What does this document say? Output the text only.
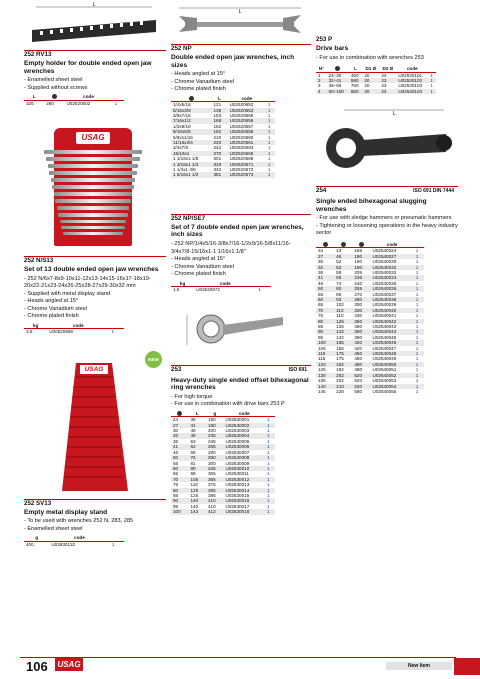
L

252 RV13

Empty holder for double ended open jaw wrenches

- Enamelled sheet steel
- Supplied without screws
L		code	
325	260	U02520502	1
USAG

252 N/S13

Set of 13 double ended open jaw wrenches

- 252 N/6x7-8x9-10x11-12x13-14x15-16x17-18x19-
20x22-21x23-24x26-25x28-27x29-30x32 mm
- Supplied with metal display stand
- Heads angled at 15°
- Chrome Vanadium steel
- Chrome plated finish
kg	code	
3,6	U00520869	1
USAG
NEW

252 SV13

Empty metal display stand

- To be used with wrenches 252 N, 283, 285
- Enamelled sheet steel
g	code	
400	U02830132	1
L

252 NP

Double ended open jaw wrenches, inch sizes

- Heads angled at 15°
- Chrome Vanadium steel
- Chrome plated finish
	L	code	
1/4x5/16	121	U02520652	1
5/16x3/8	138	U02520653	1
3/8x7/16	153	U02520655	1
7/16x1/2	168	U02520656	1
1/2x9/16	182	U02520657	1
9/16x5/8	182	U02520658	1
5/8x11/16	210	U02520660	1
11/16x3/4	220	U02520661	1
3/4x7/8	242	U02520663	1
15/16x1	270	U02520665	1
1 1/16x1 1/8	301	U02520668	1
1 3/16x1 1/4	318	U02520671	1
1 1/4x1 3/8	342	U02520672	1
1 5/16x1 1/2	381	U02520673	1

252 NP/SE7

Set of 7 double ended open jaw wrenches, inch sizes

- 252 NP/1/4x5/16-3/8x7/16-1/2x9/16-5/8x11/16-
3/4x7/8-15/16x1-1 1/16x1 1/8"
- Heads angled at 15°
- Chrome Vanadium steel
- Chrome plated finish
kg	code	
1,5	U02520872	1

253	ISO 691

Heavy-duty single ended offset bihexagonal ring wrenches

- For high torque
- For use in combination with drive bars 253 P
	L	g	code	
24	38	180	U02530001	1
27	41	190	U02530002	1
30	48	200	U02530003	1
32	49	235	U02530004	1
36	53	245	U02530005	1
41	62	265	U02530006	1
46	69	280	U02530007	1
50	76	290	U02530008	1
55	81	300	U02530009	1
60	90	345	U02530010	1
65	98	355	U02530011	1
70	105	365	U02530012	1
75	110	375	U02530013	1
80	125	385	U02530014	1
85	125	385	U02530015	1
90	140	410	U02530016	1
95	140	410	U02530017	1
100	143	412	U02530018	1

253 P

Drive bars

- For use in combination with wrenches 253
N°		L	D1 Ø	D2 Ø	code	
1	24÷30	460	20	23	U02530101	1
2	32÷41	580	20	23	U02530102	1
3	46÷55	760	20	23	U02530103	1
4	60÷100	860	20	23	U02530104	1
L

254	ISO 691 DIN 7444

Single ended bihexagonal slugging wrenches

- For use with sledge hammers or pneumatic hammers
- Tightening or loosening operations in the heavy industry
sector

	code	
24	43	165	U02540024	1
27	46	180	U02540027	1
30	52	190	U02540030	1
32	52	190	U02540032	1
36	58	205	U02540033	1
41	66	236	U02540034	1
46	74	240	U02540035	1
50	80	255	U02540036	1
55	86	270	U02540037	1
60	93	280	U02540038	1
65	102	300	U02540039	1
70	110	330	U02540040	1
75	110	330	U02540041	1
80	126	360	U02540042	1
85	126	360	U02540043	1
90	142	390	U02540044	1
95	142	390	U02540045	1
100	155	420	U02540046	1
105	155	420	U02540047	1
110	175	450	U02540048	1
115	175	450	U02540049	1
120	182	480	U02540050	1
125	182	480	U02540051	1
130	202	520	U02540052	1
135	202	520	U02540053	1
140	210	520	U02540054	1
145	228	580	U02540055	1
106	USAG	New Item
